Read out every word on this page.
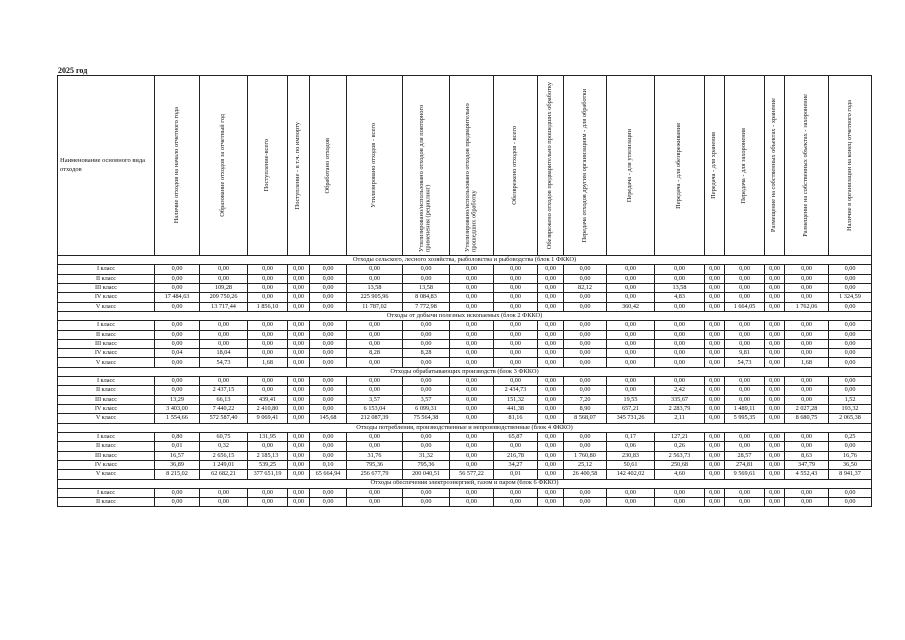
2025 год
Наименование основного вида отходов	Наличие отходов на начало отчетного года	Образование отходов за отчетный год	Поступление-всего	Поступление - в т.ч. по импорту	Обработано отходов	Утилизировано отходов - всего	Утилизировано/использовано отходов для повторного применения (рециклинг)	Утилизировано/использовано отходов предварительно прошедших обработку	Обезврежено отходов - всего	Обезврежено отходов предварительно прошедших обработку	Передача отходов другим организациям - для обработки	Передача - для утилизации	Передача - для обезвреживания	Передача - для хранения	Передача - для захоронения	Размещение на собственных объектах - хранение	Размещение на собственных объектах - захоронение	Наличие в организации на конец отчетного года

Отходы сельского, лесного хозяйства, рыболовства и рыбоводства (блок 1 ФККО)																		
I класс	0,00	0,00	0,00	0,00	0,00	0,00	0,00	0,00	0,00	0,00	0,00	0,00	0,00	0,00	0,00	0,00	0,00	0,00
II класс	0,00	0,00	0,00	0,00	0,00	0,00	0,00	0,00	0,00	0,00	0,00	0,00	0,00	0,00	0,00	0,00	0,00	0,00
III класс	0,00	109,28	0,00	0,00	0,00	13,58	13,58	0,00	0,00	0,00	82,12	0,00	13,58	0,00	0,00	0,00	0,00	0,00
IV класс	17 484,63	209 750,26	0,00	0,00	0,00	225 905,96	8 084,83	0,00	0,00	0,00	0,00	0,00	4,83	0,00	0,00	0,00	0,00	1 324,59
V класс	0,00	13 717,44	1 856,10	0,00	0,00	11 787,02	7 772,98	0,00	0,00	0,00	0,00	360,42	0,00	0,00	1 664,05	0,00	1 762,06	0,00
Отходы от добычи полезных ископаемых (блок 2 ФККО)																		
I класс	0,00	0,00	0,00	0,00	0,00	0,00	0,00	0,00	0,00	0,00	0,00	0,00	0,00	0,00	0,00	0,00	0,00	0,00
II класс	0,00	0,00	0,00	0,00	0,00	0,00	0,00	0,00	0,00	0,00	0,00	0,00	0,00	0,00	0,00	0,00	0,00	0,00
III класс	0,00	0,00	0,00	0,00	0,00	0,00	0,00	0,00	0,00	0,00	0,00	0,00	0,00	0,00	0,00	0,00	0,00	0,00
IV класс	0,04	18,04	0,00	0,00	0,00	8,28	8,28	0,00	0,00	0,00	0,00	0,00	0,00	0,00	9,81	0,00	0,00	0,00
V класс	0,00	54,73	1,68	0,00	0,00	0,00	0,00	0,00	0,00	0,00	0,00	0,00	0,00	0,00	54,73	0,00	1,68	0,00
Отходы обрабатывающих производств (блок 3 ФККО)																		
I класс	0,00	0,00	0,00	0,00	0,00	0,00	0,00	0,00	0,00	0,00	0,00	0,00	0,00	0,00	0,00	0,00	0,00	0,00
II класс	0,00	2 437,15	0,00	0,00	0,00	0,00	0,00	0,00	2 434,73	0,00	0,00	0,00	2,42	0,00	0,00	0,00	0,00	0,00
III класс	13,29	66,13	439,41	0,00	0,00	3,57	3,57	0,00	151,32	0,00	7,20	19,55	335,67	0,00	0,00	0,00	0,00	1,52
IV класс	3 403,00	7 440,22	2 410,80	0,00	0,00	6 153,04	6 099,31	0,00	441,38	0,00	8,90	657,21	2 283,79	0,00	1 489,11	0,00	2 027,28	193,32
V класс	1 554,66	572 587,40	9 069,41	0,00	145,68	212 087,39	75 564,38	0,00	81,16	0,00	8 568,07	345 731,26	2,11	0,00	5 995,35	0,00	8 680,75	2 065,38
Отходы потребления, производственные и непроизводственные (блок 4 ФККО)																		
I класс	0,80	60,75	131,95	0,00	0,00	0,00	0,00	0,00	65,87	0,00	0,00	0,17	127,21	0,00	0,00	0,00	0,00	0,25
II класс	0,01	0,32	0,00	0,00	0,00	0,00	0,00	0,00	0,00	0,00	0,00	0,06	0,26	0,00	0,00	0,00	0,00	0,00
III класс	16,57	2 656,15	2 185,13	0,00	0,00	31,76	31,32	0,00	216,78	0,00	1 760,80	230,83	2 563,73	0,00	28,57	0,00	8,63	16,76
IV класс	36,89	1 249,01	539,25	0,00	0,10	795,36	795,36	0,00	34,27	0,00	25,12	50,61	250,68	0,00	274,81	0,00	347,79	36,50
V класс	8 215,02	62 682,21	377 651,19	0,00	65 664,94	256 677,79	200 040,51	56 577,22	0,01	0,00	26 400,58	142 402,02	4,60	0,00	9 569,61	0,00	4 552,43	8 941,37
Отходы обеспечения электроэнергией, газом и паром (блок 6 ФККО)																		
I класс	0,00	0,00	0,00	0,00	0,00	0,00	0,00	0,00	0,00	0,00	0,00	0,00	0,00	0,00	0,00	0,00	0,00	0,00
II класс	0,00	0,00	0,00	0,00	0,00	0,00	0,00	0,00	0,00	0,00	0,00	0,00	0,00	0,00	0,00	0,00	0,00	0,00
